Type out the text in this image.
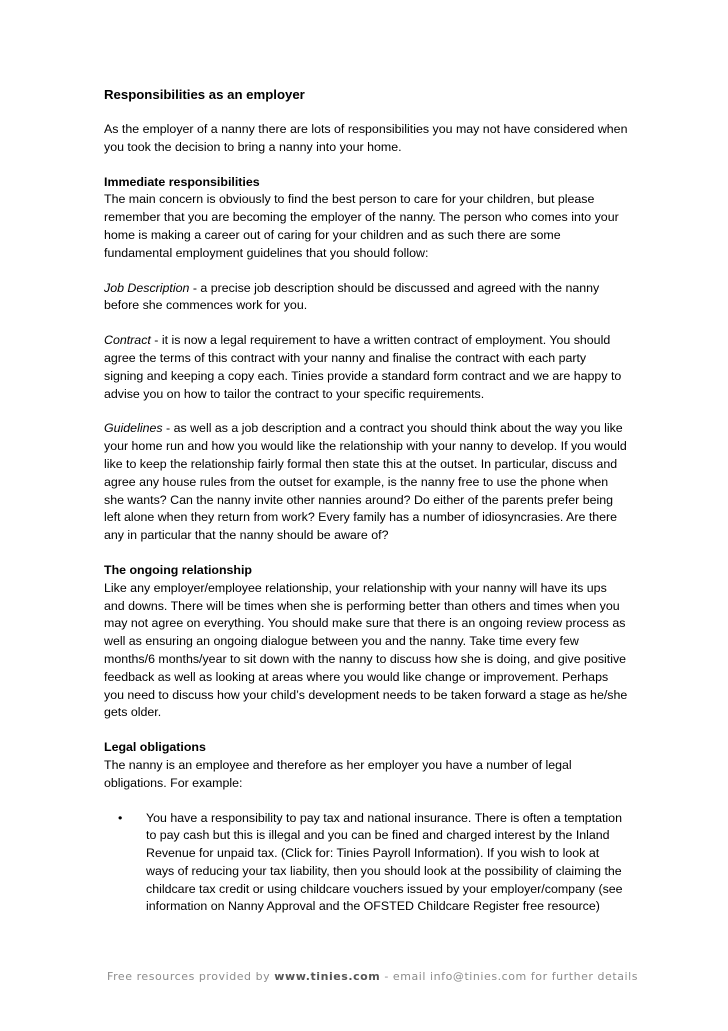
Responsibilities as an employer

As the employer of a nanny there are lots of responsibilities you may not have considered when you took the decision to bring a nanny into your home.

Immediate responsibilities
The main concern is obviously to find the best person to care for your children, but please remember that you are becoming the employer of the nanny. The person who comes into your home is making a career out of caring for your children and as such there are some fundamental employment guidelines that you should follow:

Job Description - a precise job description should be discussed and agreed with the nanny before she commences work for you.

Contract - it is now a legal requirement to have a written contract of employment. You should agree the terms of this contract with your nanny and finalise the contract with each party signing and keeping a copy each. Tinies provide a standard form contract and we are happy to advise you on how to tailor the contract to your specific requirements.

Guidelines - as well as a job description and a contract you should think about the way you like your home run and how you would like the relationship with your nanny to develop. If you would like to keep the relationship fairly formal then state this at the outset. In particular, discuss and agree any house rules from the outset for example, is the nanny free to use the phone when she wants? Can the nanny invite other nannies around? Do either of the parents prefer being left alone when they return from work? Every family has a number of idiosyncrasies. Are there any in particular that the nanny should be aware of?

The ongoing relationship
Like any employer/employee relationship, your relationship with your nanny will have its ups and downs. There will be times when she is performing better than others and times when you may not agree on everything. You should make sure that there is an ongoing review process as well as ensuring an ongoing dialogue between you and the nanny. Take time every few months/6 months/year to sit down with the nanny to discuss how she is doing, and give positive feedback as well as looking at areas where you would like change or improvement. Perhaps you need to discuss how your child’s development needs to be taken forward a stage as he/she gets older.

Legal obligations
The nanny is an employee and therefore as her employer you have a number of legal obligations. For example:

• You have a responsibility to pay tax and national insurance. There is often a temptation to pay cash but this is illegal and you can be fined and charged interest by the Inland Revenue for unpaid tax. (Click for: Tinies Payroll Information). If you wish to look at ways of reducing your tax liability, then you should look at the possibility of claiming the childcare tax credit or using childcare vouchers issued by your employer/company (see information on Nanny Approval and the OFSTED Childcare Register free resource)
Free resources provided by www.tinies.com - email info@tinies.com for further details
